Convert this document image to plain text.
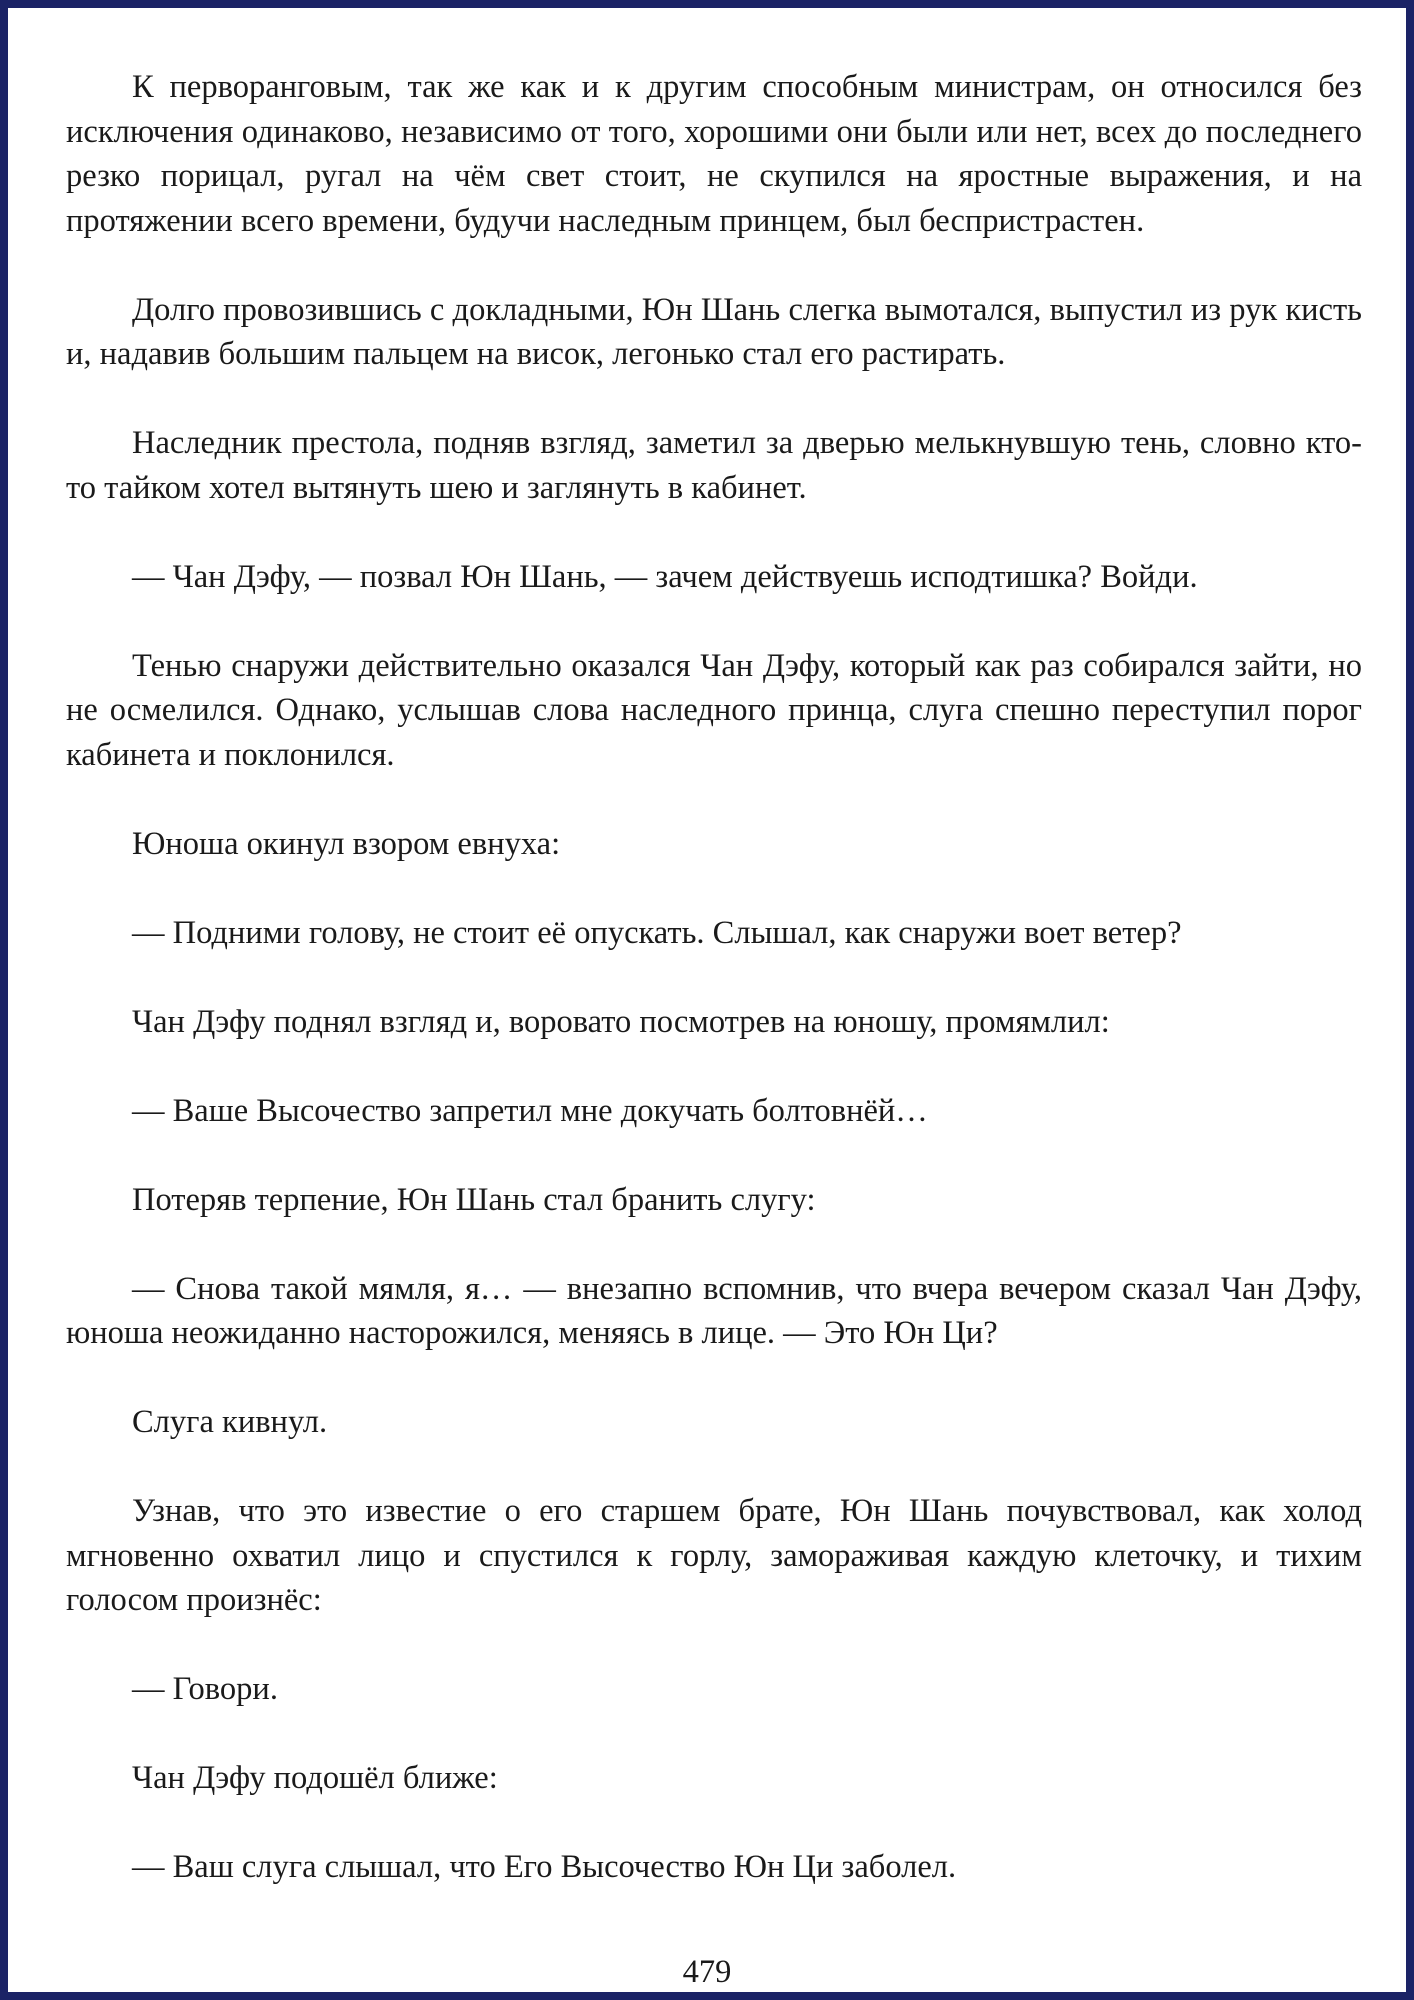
К первоpанговым, так же как и к другим способным министрам, он относился без исключения одинаково, независимо от того, хорошими они были или нет, всех до последнего резко порицал, ругал на чём свет стоит, не скупился на яростные выражения, и на протяжении всего времени, будучи наследным принцем, был беспристрастен.

Долго провозившись с докладными, Юн Шань слегка вымотался, выпустил из рук кисть и, надавив большим пальцем на висок, легонько стал его растирать.

Наследник престола, подняв взгляд, заметил за дверью мелькнувшую тень, словно кто-то тайком хотел вытянуть шею и заглянуть в кабинет.

— Чан Дэфу, — позвал Юн Шань, — зачем действуешь исподтишка? Войди.

Тенью снаружи действительно оказался Чан Дэфу, который как раз собирался зайти, но не осмелился. Однако, услышав слова наследного принца, слуга спешно переступил порог кабинета и поклонился.

Юноша окинул взором евнуха:

— Подними голову, не стоит её опускать. Слышал, как снаружи воет ветер?

Чан Дэфу поднял взгляд и, воровато посмотрев на юношу, промямлил:

— Ваше Высочество запретил мне докучать болтовнёй…

Потеряв терпение, Юн Шань стал бранить слугу:

— Снова такой мямля, я… — внезапно вспомнив, что вчера вечером сказал Чан Дэфу, юноша неожиданно насторожился, меняясь в лице. — Это Юн Ци?

Слуга кивнул.

Узнав, что это известие о его старшем брате, Юн Шань почувствовал, как холод мгновенно охватил лицо и спустился к горлу, замораживая каждую клеточку, и тихим голосом произнёс:

— Говори.

Чан Дэфу подошёл ближе:

— Ваш слуга слышал, что Его Высочество Юн Ци заболел.

479
